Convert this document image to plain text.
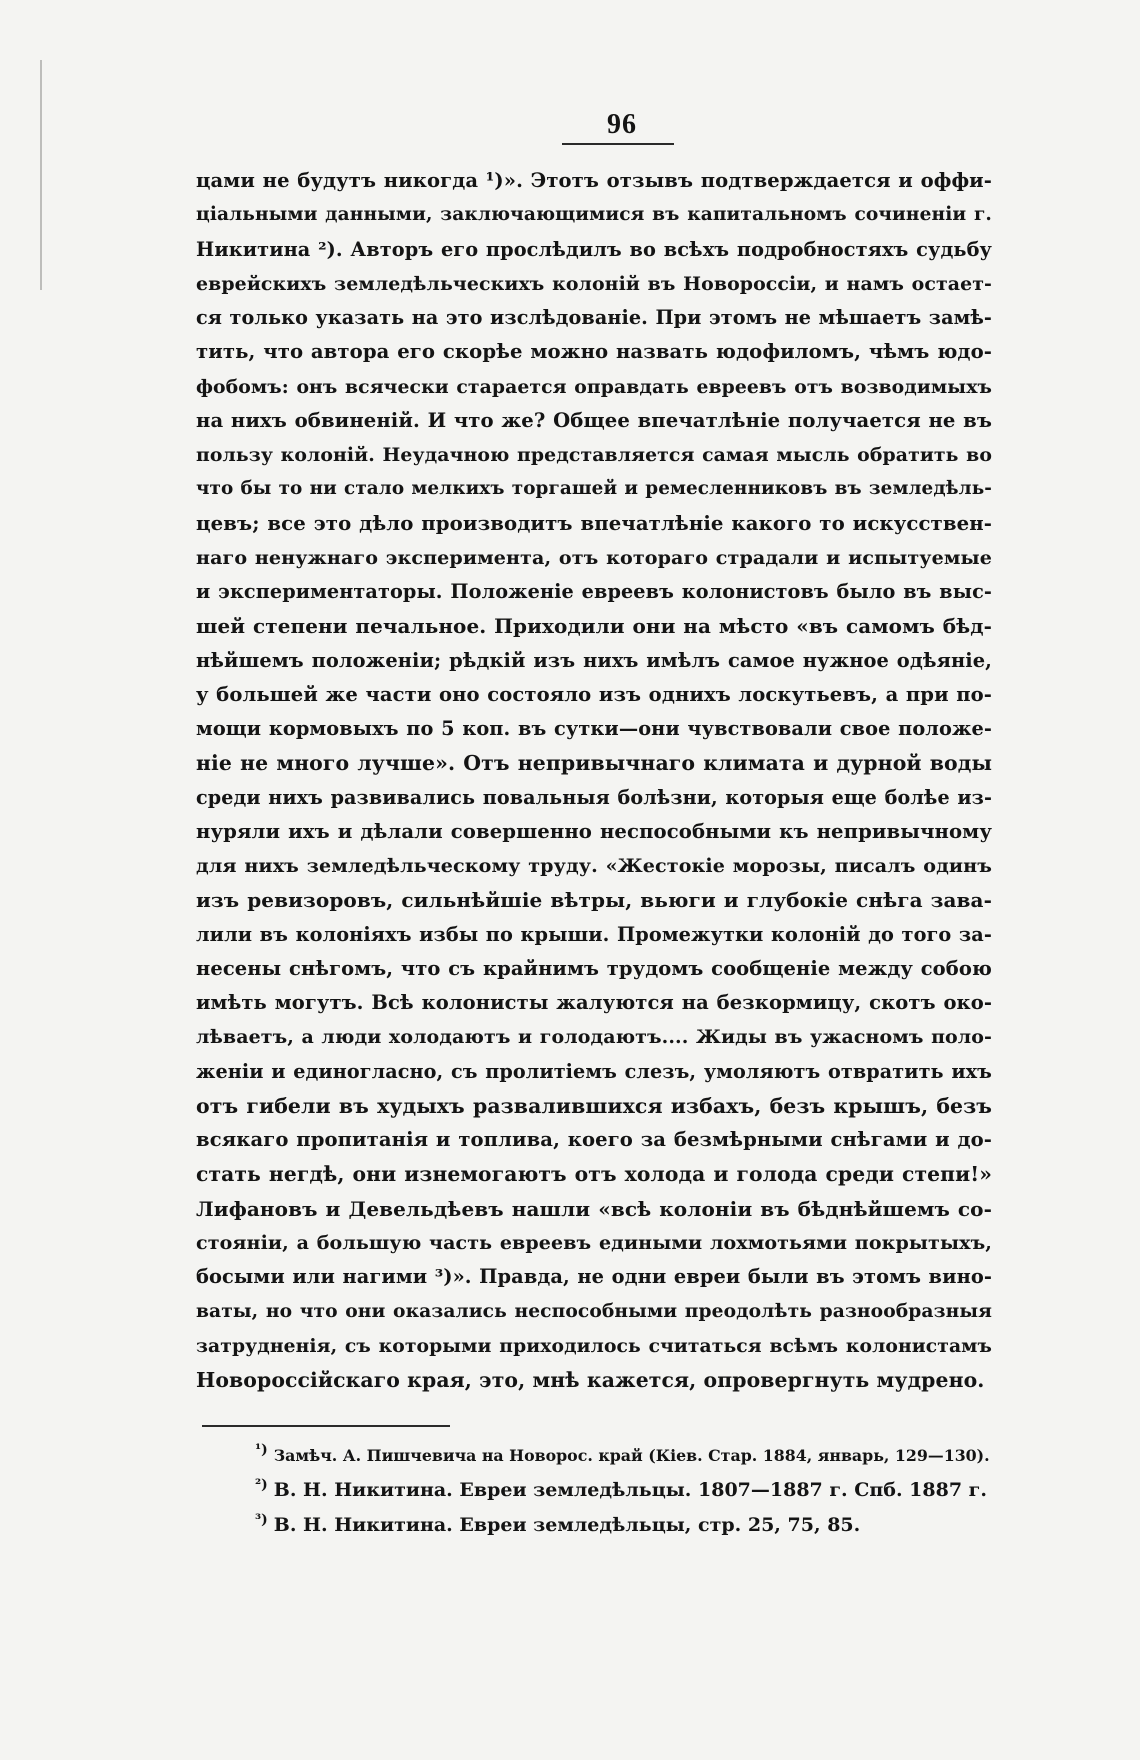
96
цами не будутъ никогда ¹)». Этотъ отзывъ подтверждается и оффи-
ціальными данными, заключающимися въ капитальномъ сочиненіи г.
Никитина ²). Авторъ его прослѣдилъ во всѣхъ подробностяхъ судьбу
еврейскихъ земледѣльческихъ колоній въ Новороссіи, и намъ остает-
ся только указать на это изслѣдованіе. При этомъ не мѣшаетъ замѣ-
тить, что автора его скорѣе можно назвать юдофиломъ, чѣмъ юдо-
фобомъ: онъ всячески старается оправдать евреевъ отъ возводимыхъ
на нихъ обвиненій. И что же? Общее впечатлѣніе получается не въ
пользу колоній. Неудачною представляется самая мысль обратить во
что бы то ни стало мелкихъ торгашей и ремесленниковъ въ земледѣль-
цевъ; все это дѣло производитъ впечатлѣніе какого то искусствен-
наго ненужнаго эксперимента, отъ котораго страдали и испытуемые
и экспериментаторы. Положеніе евреевъ колонистовъ было въ выс-
шей степени печальное. Приходили они на мѣсто «въ самомъ бѣд-
нѣйшемъ положеніи; рѣдкій изъ нихъ имѣлъ самое нужное одѣяніе,
у большей же части оно состояло изъ однихъ лоскутьевъ, а при по-
мощи кормовыхъ по 5 коп. въ сутки—они чувствовали свое положе-
ніе не много лучше». Отъ непривычнаго климата и дурной воды
среди нихъ развивались повальныя болѣзни, которыя еще болѣе из-
нуряли ихъ и дѣлали совершенно неспособными къ непривычному
для нихъ земледѣльческому труду. «Жестокіе морозы, писалъ одинъ
изъ ревизоровъ, сильнѣйшіе вѣтры, вьюги и глубокіе снѣга зава-
лили въ колоніяхъ избы по крыши. Промежутки колоній до того за-
несены снѣгомъ, что съ крайнимъ трудомъ сообщеніе между собою
имѣть могутъ. Всѣ колонисты жалуются на безкормицу, скотъ око-
лѣваетъ, а люди холодаютъ и голодаютъ.... Жиды въ ужасномъ поло-
женіи и единогласно, съ пролитіемъ слезъ, умоляютъ отвратить ихъ
отъ гибели въ худыхъ развалившихся избахъ, безъ крышъ, безъ
всякаго пропитанія и топлива, коего за безмѣрными снѣгами и до-
стать негдѣ, они изнемогаютъ отъ холода и голода среди степи!»
Лифановъ и Девельдѣевъ нашли «всѣ колоніи въ бѣднѣйшемъ со-
стояніи, а большую часть евреевъ едиными лохмотьями покрытыхъ,
босыми или нагими ³)». Правда, не одни евреи были въ этомъ вино-
ваты, но что они оказались неспособными преодолѣть разнообразныя
затрудненія, съ которыми приходилось считаться всѣмъ колонистамъ
Новороссійскаго края, это, мнѣ кажется, опровергнуть мудрено.
¹) Замѣч. А. Пишчевича на Новорос. край (Кiев. Стар. 1884, январь, 129—130).
$^{^2)}$ В. Н. Никитина. Евреи земледѣльцы. 1807—1887 г. Спб. 1887 г.
$^{^3)}$ В. Н. Никитина. Евреи земледѣльцы, стр. 25, 75, 85.
